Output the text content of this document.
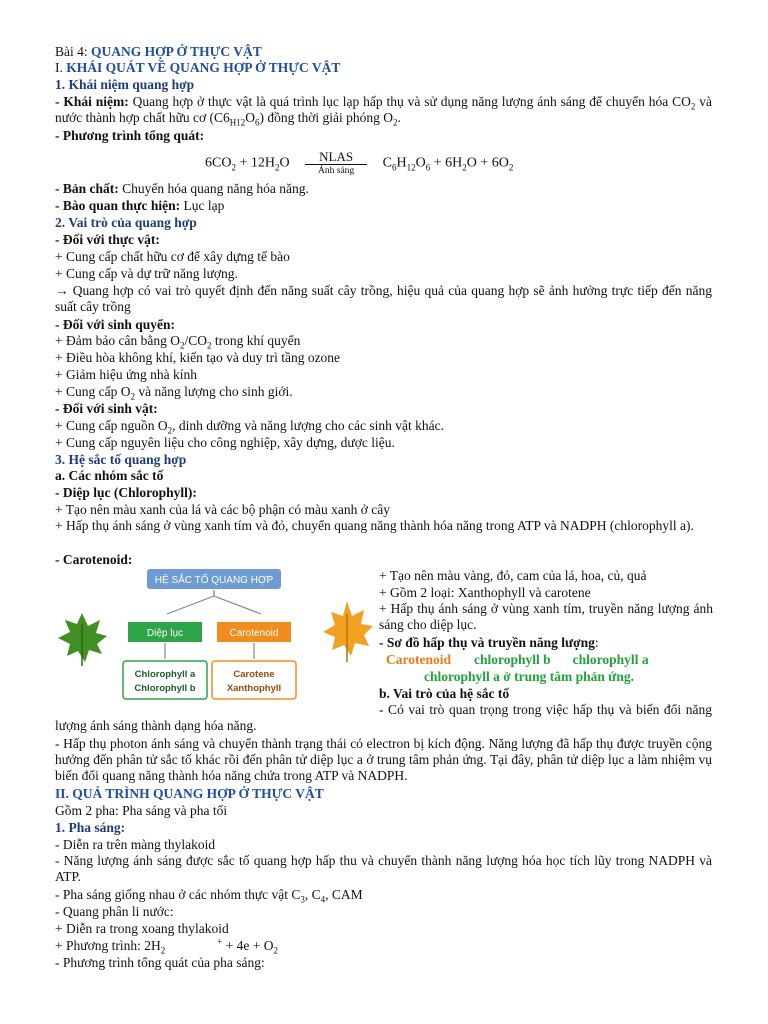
Bài 4: QUANG HỢP Ở THỰC VẬT
I. KHÁI QUÁT VỀ QUANG HỢP Ở THỰC VẬT
1. Khái niệm quang hợp
- Khái niệm: Quang hợp ở thực vật là quá trình lục lạp hấp thụ và sử dụng năng lượng ánh sáng để chuyển hóa $CO_2$ và nước thành hợp chất hữu cơ $(C6_{H12}O_6)$ đồng thời giải phóng $O_2$.
- Phương trình tổng quát:
$6CO_2 + 12H_2O$	NLAS
Ánh sáng
$C_6H_{12}O_6 + 6H_2O + 6O_2$
- Bản chất: Chuyển hóa quang năng hóa năng.
- Bào quan thực hiện: Lục lạp
2. Vai trò của quang hợp
- Đối với thực vật:
+ Cung cấp chất hữu cơ để xây dựng tế bào
+ Cung cấp và dự trữ năng lượng.
→ Quang hợp có vai trò quyết định đến năng suất cây trồng, hiệu quả của quang hợp sẽ ảnh hưởng trực tiếp đến năng suất cây trồng
- Đối với sinh quyển:
+ Đảm bảo cân bằng $O_2/CO_2$ trong khí quyển
+ Điều hòa không khí, kiến tạo và duy trì tầng ozone
+ Giảm hiệu ứng nhà kính
+ Cung cấp $O_2$ và năng lượng cho sinh giới.
- Đối với sinh vật:
+ Cung cấp nguồn $O_2$, dinh dưỡng và năng lượng cho các sinh vật khác.
+ Cung cấp nguyên liệu cho công nghiệp, xây dựng, dược liệu.
3. Hệ sắc tố quang hợp
a. Các nhóm sắc tố
- Diệp lục (Chlorophyll):
+ Tạo nên màu xanh của lá và các bộ phận có màu xanh ở cây
+ Hấp thụ ánh sáng ở vùng xanh tím và đỏ, chuyển quang năng thành hóa năng trong ATP và NADPH (chlorophyll a).
- Carotenoid:
HỆ SẮC TỐ QUANG HỢP
Diệp lục	Carotenoid
Chlorophyll a
Chlorophyll b
Carotene
Xanthophyll
+ Tạo nên màu vàng, đỏ, cam của lá, hoa, củ, quả
+ Gồm 2 loại: Xanthophyll và carotene
+ Hấp thụ ánh sáng ở vùng xanh tím, truyền năng lượng ánh sáng cho diệp lục.
- Sơ đồ hấp thụ và truyền năng lượng:
Carotenoid chlorophyll b chlorophyll a
chlorophyll a ở trung tâm phản ứng.
b. Vai trò của hệ sắc tố
- Có vai trò quan trọng trong việc hấp thụ và biến đổi năng lượng ánh sáng thành dạng hóa năng.
- Hấp thụ photon ánh sáng và chuyển thành trạng thái có electron bị kích động. Năng lượng đã hấp thụ được truyền cộng hưởng đến phân tử sắc tố khác rồi đến phân tử diệp lục a ở trung tâm phản ứng. Tại đây, phân tử diệp lục a làm nhiệm vụ biến đổi quang năng thành hóa năng chứa trong ATP và NADPH.
II. QUÁ TRÌNH QUANG HỢP Ở THỰC VẬT
Gồm 2 pha: Pha sáng và pha tối
1. Pha sáng:
- Diễn ra trên màng thylakoid
- Năng lượng ánh sáng được sắc tố quang hợp hấp thu và chuyển thành năng lượng hóa học tích lũy trong NADPH và ATP.
- Pha sáng giống nhau ở các nhóm thực vật $C_3$, $C_4$, CAM
- Quang phân li nước:
+ Diễn ra trong xoang thylakoid
+ Phương trình: $2H_2^+ + 4e + O_2$
- Phương trình tổng quát của pha sáng:
